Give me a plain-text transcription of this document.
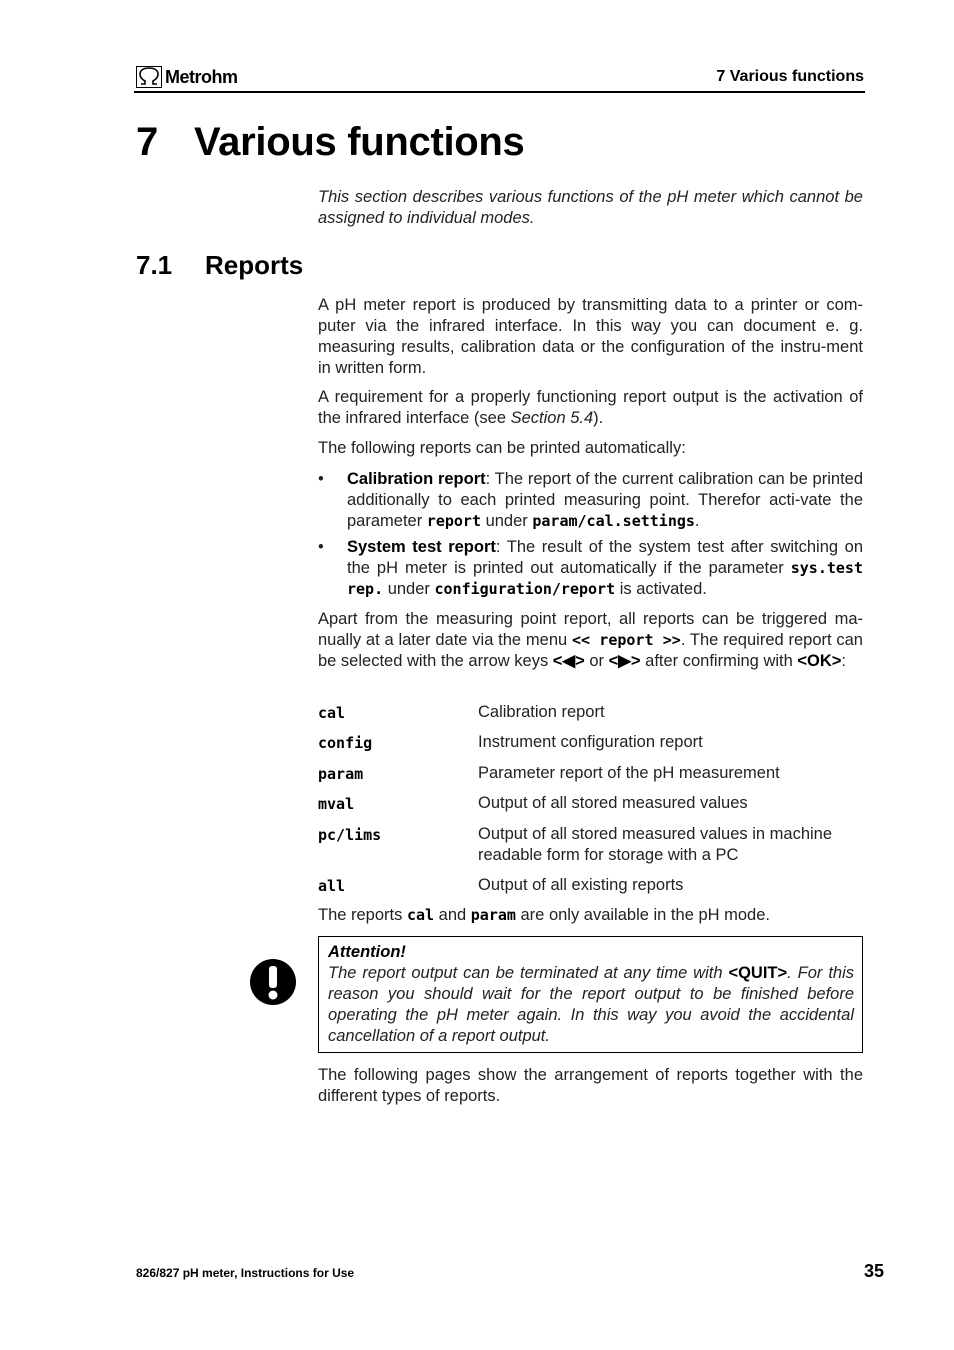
Metrohm	7 Various functions
7 Various functions
This section describes various functions of the pH meter which cannot be assigned to individual modes.
7.1 Reports

A pH meter report is produced by transmitting data to a printer or com-puter via the infrared interface. In this way you can document e. g. measuring results, calibration data or the configuration of the instru-ment in written form.

A requirement for a properly functioning report output is the activation of the infrared interface (see Section 5.4).

The following reports can be printed automatically:

• Calibration report: The report of the current calibration can be printed additionally to each printed measuring point. Therefor acti-vate the parameter report under param/cal.settings.
• System test report: The result of the system test after switching on the pH meter is printed out automatically if the parameter sys.test rep. under configuration/report is activated.

Apart from the measuring point report, all reports can be triggered ma-nually at a later date via the menu << report >>. The required report can be selected with the arrow keys <◀> or <▶> after confirming with <OK>:

cal	Calibration report
config	Instrument configuration report
param	Parameter report of the pH measurement
mval	Output of all stored measured values
pc/lims	Output of all stored measured values in machine readable form for storage with a PC
all	Output of all existing reports

The reports cal and param are only available in the pH mode.

Attention!
The report output can be terminated at any time with <QUIT>. For this reason you should wait for the report output to be finished before operating the pH meter again. In this way you avoid the accidental cancellation of a report output.

The following pages show the arrangement of reports together with the different types of reports.

826/827 pH meter, Instructions for Use	35
